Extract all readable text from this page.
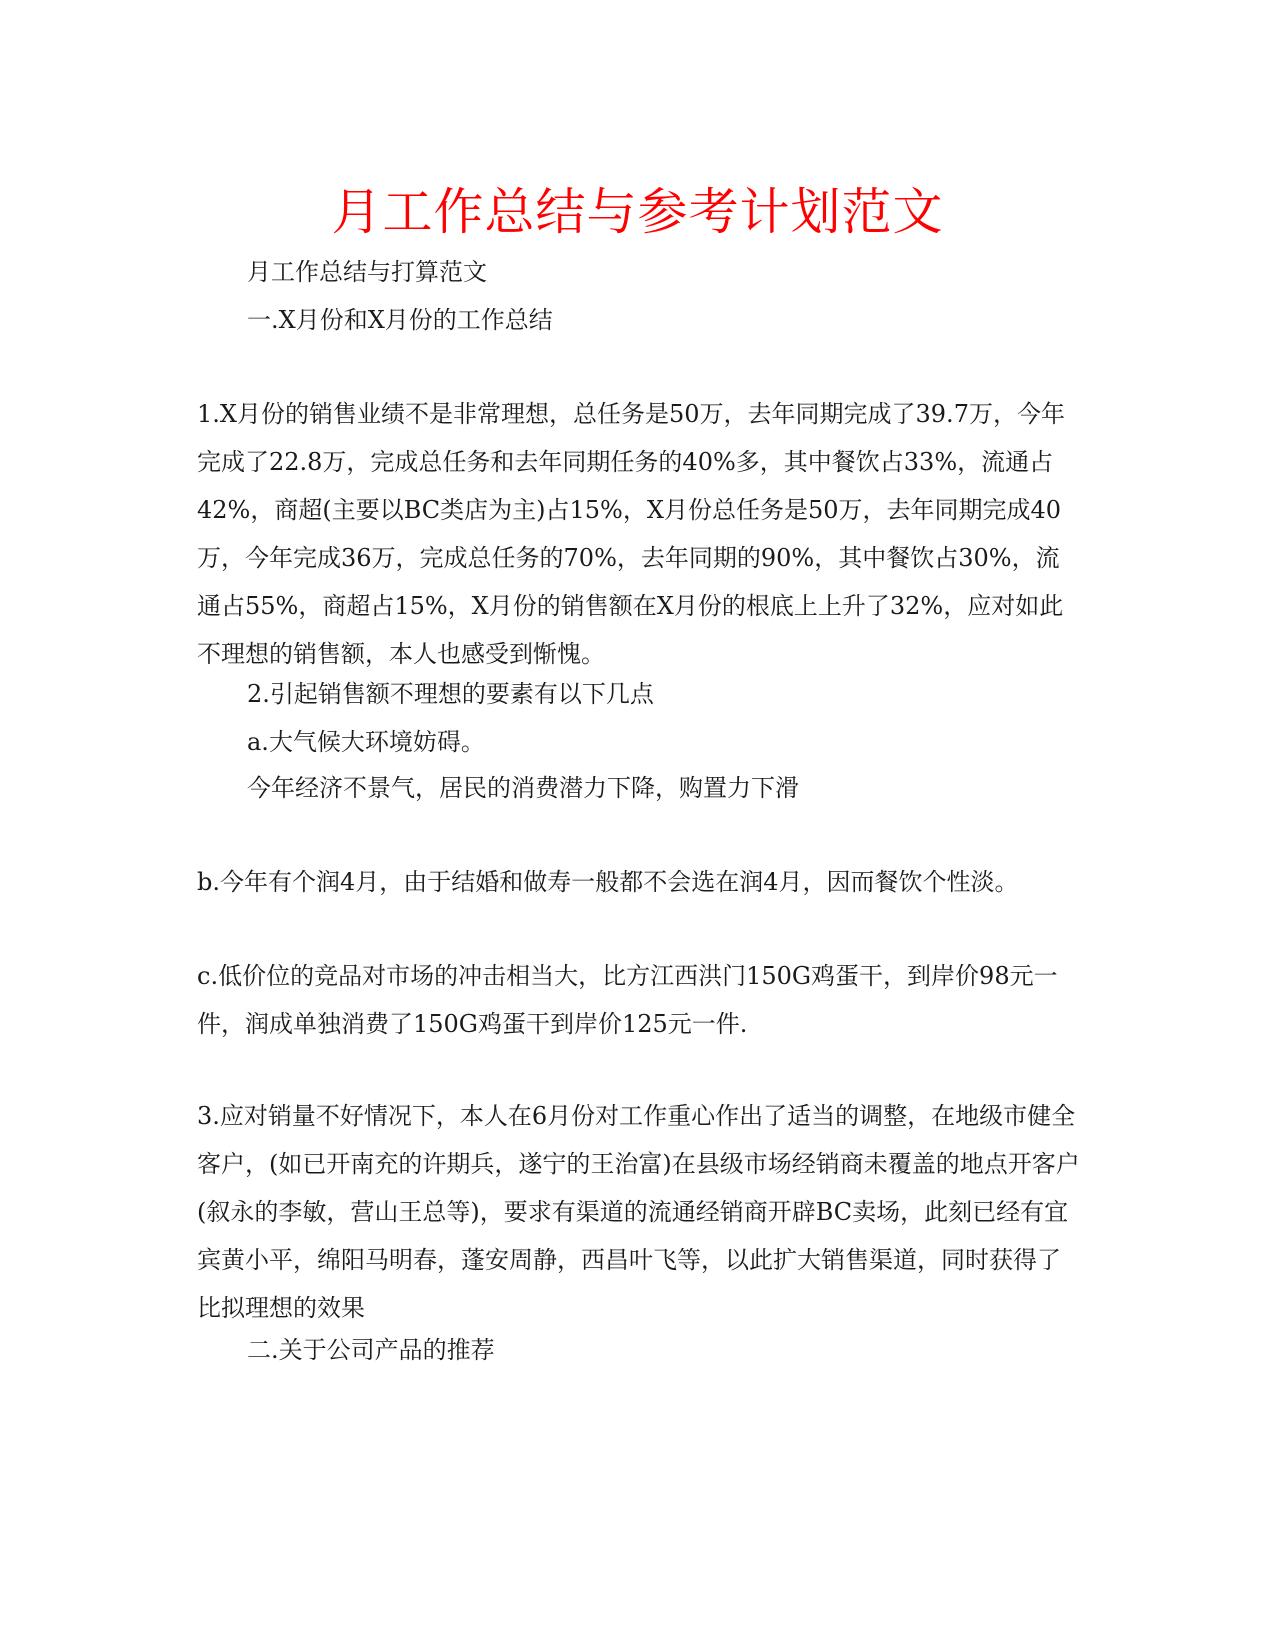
月工作总结与参考计划范文

月工作总结与打算范文

一.X月份和X月份的工作总结

1.X月份的销售业绩不是非常理想，总任务是50万，去年同期完成了39.7万，今年完成了22.8万，完成总任务和去年同期任务的40%多，其中餐饮占33%，流通占42%，商超(主要以BC类店为主)占15%，X月份总任务是50万，去年同期完成40万，今年完成36万，完成总任务的70%，去年同期的90%，其中餐饮占30%，流通占55%，商超占15%，X月份的销售额在X月份的根底上上升了32%，应对如此不理想的销售额，本人也感受到惭愧。

2.引起销售额不理想的要素有以下几点

a.大气候大环境妨碍。

今年经济不景气，居民的消费潜力下降，购置力下滑

b.今年有个润4月，由于结婚和做寿一般都不会选在润4月，因而餐饮个性淡。

c.低价位的竞品对市场的冲击相当大，比方江西洪门150G鸡蛋干，到岸价98元一件，润成单独消费了150G鸡蛋干到岸价125元一件.

3.应对销量不好情况下，本人在6月份对工作重心作出了适当的调整，在地级市健全客户，(如已开南充的许期兵，遂宁的王治富)在县级市场经销商未覆盖的地点开客户(叙永的李敏，营山王总等)，要求有渠道的流通经销商开辟BC卖场，此刻已经有宜宾黄小平，绵阳马明春，蓬安周静，西昌叶飞等，以此扩大销售渠道，同时获得了比拟理想的效果

二.关于公司产品的推荐
